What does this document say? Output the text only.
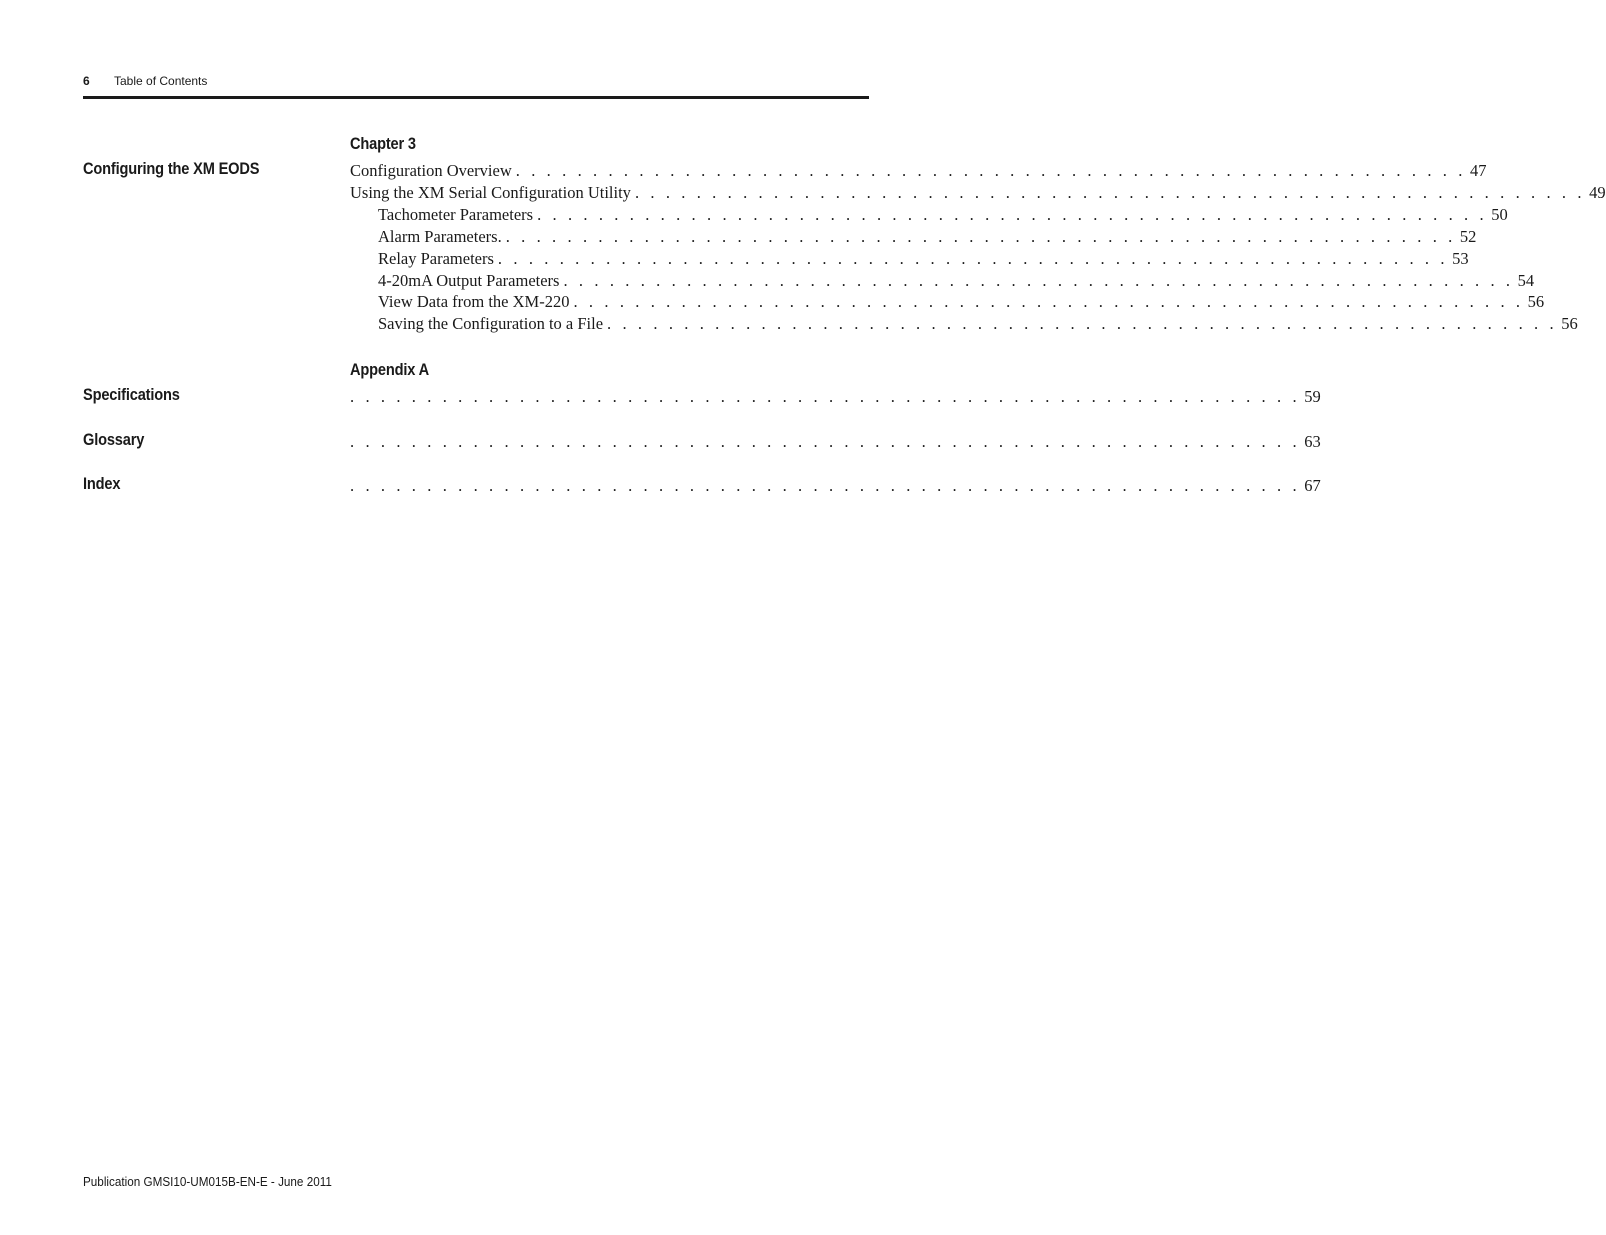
6 Table of Contents
Chapter 3
Configuring the XM EODS	Configuration Overview . . . . . . . . . . . . . . . . . . . . . . . . . . . . . . . . . . . . . . . . . . . . . . . . . . . . . . . . . . . . . . 47
Using the XM Serial Configuration Utility . . . . . . . . . . . . . . . . . . . . . . . . . . . . . . . . . . . . . . . . . . . . . . . . . . . . . . . . . . . . . . 49
Tachometer Parameters . . . . . . . . . . . . . . . . . . . . . . . . . . . . . . . . . . . . . . . . . . . . . . . . . . . . . . . . . . . . . . 50
Alarm Parameters. . . . . . . . . . . . . . . . . . . . . . . . . . . . . . . . . . . . . . . . . . . . . . . . . . . . . . . . . . . . . . . 52
Relay Parameters . . . . . . . . . . . . . . . . . . . . . . . . . . . . . . . . . . . . . . . . . . . . . . . . . . . . . . . . . . . . . . 53
4-20mA Output Parameters . . . . . . . . . . . . . . . . . . . . . . . . . . . . . . . . . . . . . . . . . . . . . . . . . . . . . . . . . . . . . . 54
View Data from the XM-220 . . . . . . . . . . . . . . . . . . . . . . . . . . . . . . . . . . . . . . . . . . . . . . . . . . . . . . . . . . . . . . 56
Saving the Configuration to a File . . . . . . . . . . . . . . . . . . . . . . . . . . . . . . . . . . . . . . . . . . . . . . . . . . . . . . . . . . . . . . 56
Appendix A
Specifications	. . . . . . . . . . . . . . . . . . . . . . . . . . . . . . . . . . . . . . . . . . . . . . . . . . . . . . . . . . . . . . 59
Glossary	. . . . . . . . . . . . . . . . . . . . . . . . . . . . . . . . . . . . . . . . . . . . . . . . . . . . . . . . . . . . . . 63
Index	. . . . . . . . . . . . . . . . . . . . . . . . . . . . . . . . . . . . . . . . . . . . . . . . . . . . . . . . . . . . . . 67
Publication GMSI10-UM015B-EN-E - June 2011
